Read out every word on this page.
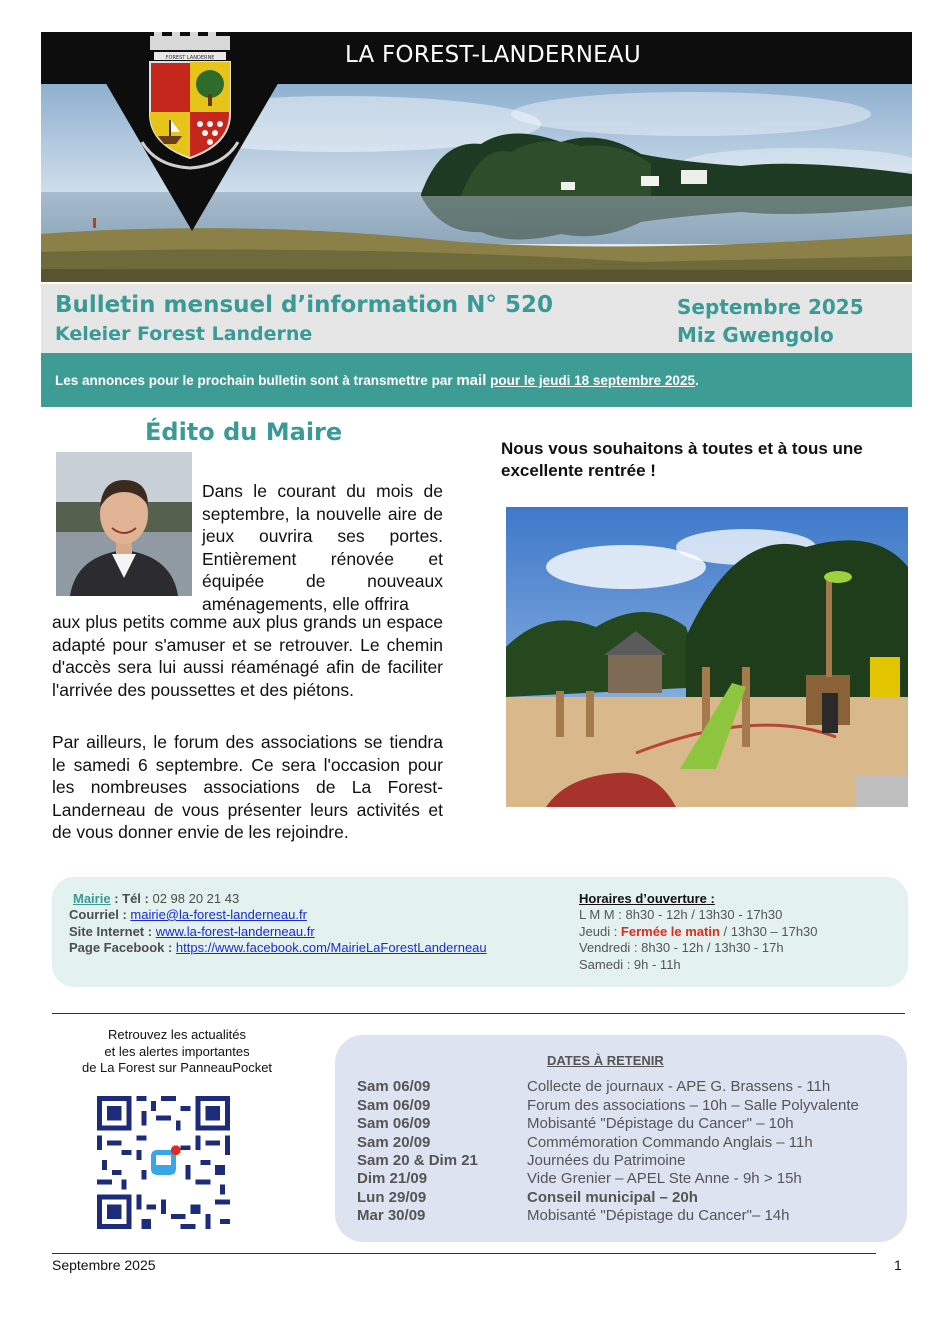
LA FOREST-LANDERNEAU
FOREST LANDERNE
Bulletin mensuel d’information N° 520
Keleier Forest Landerne
Septembre 2025
Miz Gwengolo
Les annonces pour le prochain bulletin sont à transmettre par mail pour le jeudi 18 septembre 2025.
Édito du Maire
Dans le courant du mois de septembre, la nouvelle aire de jeux ouvrira ses portes. Entièrement rénovée et équipée de nouveaux aménagements, elle offrira
aux plus petits comme aux plus grands un espace adapté pour s'amuser et se retrouver. Le chemin d'accès sera lui aussi réaménagé afin de faciliter l'arrivée des poussettes et des piétons.
Par ailleurs, le forum des associations se tiendra le samedi 6 septembre. Ce sera l'occasion pour les nombreuses associations de La Forest-Landerneau de vous présenter leurs activités et de vous donner envie de les rejoindre.
Nous vous souhaitons à toutes et à tous une excellente rentrée !
Mairie : Tél : 02 98 20 21 43
Courriel : mairie@la-forest-landerneau.fr
Site Internet : www.la-forest-landerneau.fr
Page Facebook : https://www.facebook.com/MairieLaForestLanderneau
Horaires d’ouverture :
L M M : 8h30 - 12h / 13h30 - 17h30
Jeudi : Fermée le matin / 13h30 – 17h30
Vendredi : 8h30 - 12h / 13h30 - 17h
Samedi : 9h - 11h
Retrouvez les actualités
et les alertes importantes
de La Forest sur PanneauPocket	DATES À RETENIR
Sam 06/09	Collecte de journaux - APE G. Brassens - 11h
Sam 06/09	Forum des associations – 10h – Salle Polyvalente
Sam 06/09	Mobisanté "Dépistage du Cancer" – 10h
Sam 20/09	Commémoration Commando Anglais – 11h
Sam 20 & Dim 21	Journées du Patrimoine
Dim 21/09	Vide Grenier – APEL Ste Anne - 9h > 15h
Lun 29/09	Conseil municipal – 20h
Mar 30/09	Mobisanté "Dépistage du Cancer"– 14h
Septembre 2025	1
